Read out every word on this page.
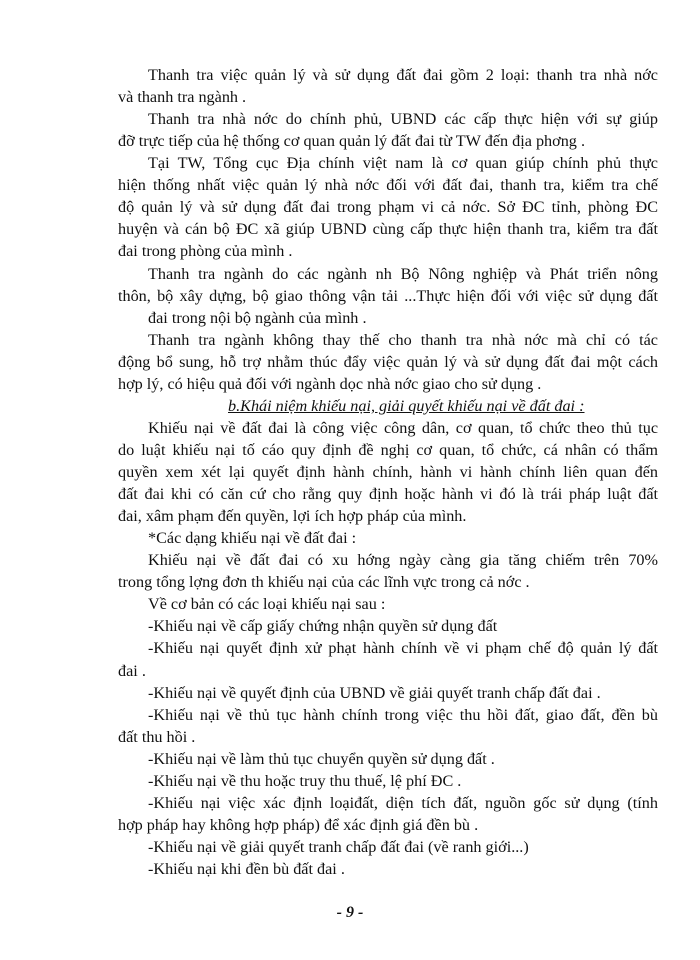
Thanh tra việc quản lý và sử dụng đất đai gồm 2 loại: thanh tra nhà nớc
và thanh tra ngành .
Thanh tra nhà nớc do chính phủ, UBND các cấp thực hiện với sự giúp
đỡ trực tiếp của hệ thống cơ quan quản lý đất đai từ TW đến địa phơng .
Tại TW, Tổng cục Địa chính việt nam là cơ quan giúp chính phủ thực
hiện thống nhất việc quản lý nhà nớc đối với đất đai, thanh tra, kiểm tra chế
độ quản lý và sử dụng đất đai trong phạm vi cả nớc. Sở ĐC tỉnh, phòng ĐC
huyện và cán bộ ĐC xã giúp UBND cùng cấp thực hiện thanh tra, kiểm tra đất
đai trong phòng của mình .
Thanh tra ngành do các ngành nh Bộ Nông nghiệp và Phát triển nông
thôn, bộ xây dựng, bộ giao thông vận tải ...Thực hiện đối với việc sử dụng đất
đai trong nội bộ ngành của mình .
Thanh tra ngành không thay thế cho thanh tra nhà nớc mà chỉ có tác
động bổ sung, hỗ trợ nhằm thúc đẩy việc quản lý và sử dụng đất đai một cách
hợp lý, có hiệu quả đối với ngành dọc nhà nớc giao cho sử dụng .
b.Khái niệm khiếu nại, giải quyết khiếu nại về đất đai :
Khiếu nại về đất đai là công việc công dân, cơ quan, tổ chức theo thủ tục
do luật khiếu nại tố cáo quy định đề nghị cơ quan, tổ chức, cá nhân có thẩm
quyền xem xét lại quyết định hành chính, hành vi hành chính liên quan đến
đất đai khi có căn cứ cho rằng quy định hoặc hành vi đó là trái pháp luật đất
đai, xâm phạm đến quyền, lợi ích hợp pháp của mình.
*Các dạng khiếu nại về đất đai :
Khiếu nại về đất đai có xu hớng ngày càng gia tăng chiếm trên 70%
trong tổng lợng đơn th khiếu nại của các lĩnh vực trong cả nớc .
Về cơ bản có các loại khiếu nại sau :
-Khiếu nại về cấp giấy chứng nhận quyền sử dụng đất
-Khiếu nại quyết định xử phạt hành chính về vi phạm chế độ quản lý đất
đai .
-Khiếu nại về quyết định của UBND về giải quyết tranh chấp đất đai .
-Khiếu nại về thủ tục hành chính trong việc thu hồi đất, giao đất, đền bù
đất thu hồi .
-Khiếu nại về làm thủ tục chuyển quyền sử dụng đất .
-Khiếu nại về thu hoặc truy thu thuế, lệ phí ĐC .
-Khiếu nại việc xác định loạiđất, diện tích đất, nguồn gốc sử dụng (tính
hợp pháp hay không hợp pháp) để xác định giá đền bù .
-Khiếu nại về giải quyết tranh chấp đất đai (về ranh giới...)
-Khiếu nại khi đền bù đất đai .
- 9 -
